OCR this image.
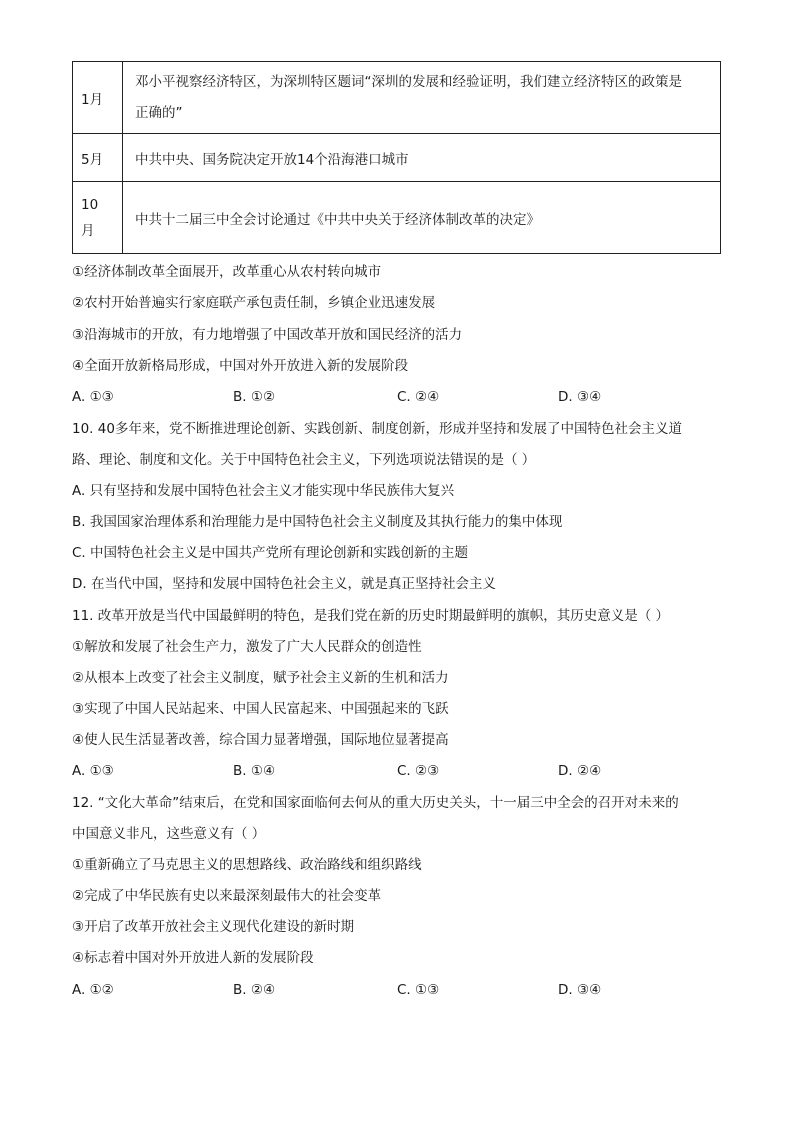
1月	邓小平视察经济特区，为深圳特区题词“深圳的发展和经验证明，我们建立经济特区的政策是
正确的”

5月	中共中央、国务院决定开放14个沿海港口城市

10
月	中共十二届三中全会讨论通过《中共中央关于经济体制改革的决定》
①经济体制改革全面展开，改革重心从农村转向城市
②农村开始普遍实行家庭联产承包责任制，乡镇企业迅速发展
③沿海城市的开放，有力地增强了中国改革开放和国民经济的活力
④全面开放新格局形成，中国对外开放进入新的发展阶段
A. ①③	B. ①②	C. ②④	D. ③④
10. 40多年来，党不断推进理论创新、实践创新、制度创新，形成并坚持和发展了中国特色社会主义道
路、理论、制度和文化。关于中国特色社会主义，下列选项说法错误的是（ ）
A. 只有坚持和发展中国特色社会主义才能实现中华民族伟大复兴
B. 我国国家治理体系和治理能力是中国特色社会主义制度及其执行能力的集中体现
C. 中国特色社会主义是中国共产党所有理论创新和实践创新的主题
D. 在当代中国，坚持和发展中国特色社会主义，就是真正坚持社会主义
11. 改革开放是当代中国最鲜明的特色，是我们党在新的历史时期最鲜明的旗帜，其历史意义是（ ）
①解放和发展了社会生产力，激发了广大人民群众的创造性
②从根本上改变了社会主义制度，赋予社会主义新的生机和活力
③实现了中国人民站起来、中国人民富起来、中国强起来的飞跃
④使人民生活显著改善，综合国力显著增强，国际地位显著提高
A. ①③	B. ①④	C. ②③	D. ②④
12. “文化大革命”结束后，在党和国家面临何去何从的重大历史关头，十一届三中全会的召开对未来的
中国意义非凡，这些意义有（ ）
①重新确立了马克思主义的思想路线、政治路线和组织路线
②完成了中华民族有史以来最深刻最伟大的社会变革
③开启了改革开放社会主义现代化建设的新时期
④标志着中国对外开放进人新的发展阶段
A. ①②	B. ②④	C. ①③	D. ③④
